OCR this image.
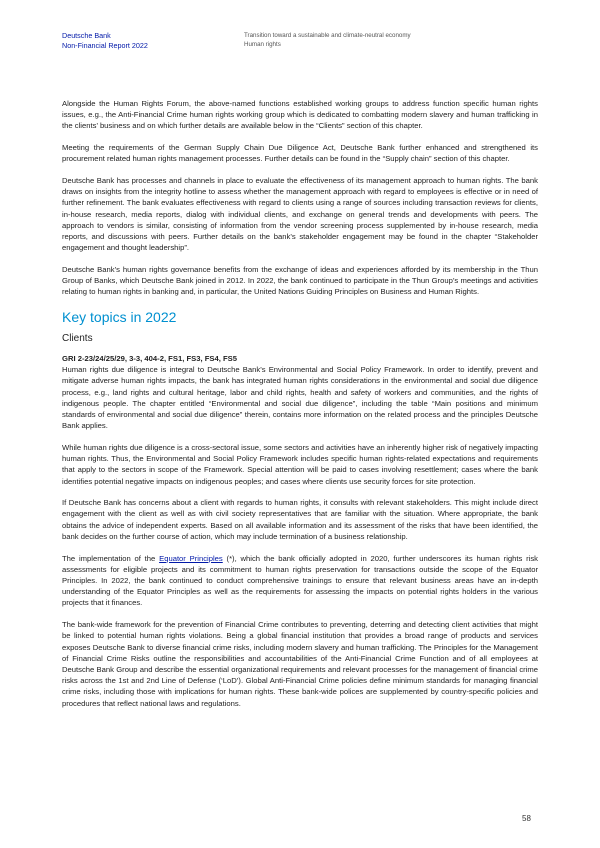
Deutsche Bank
Non-Financial Report 2022
Transition toward a sustainable and climate-neutral economy
Human rights

Alongside the Human Rights Forum, the above-named functions established working groups to address function specific human rights issues, e.g., the Anti-Financial Crime human rights working group which is dedicated to combatting modern slavery and human trafficking in the clients’ business and on which further details are available below in the “Clients” section of this chapter.

Meeting the requirements of the German Supply Chain Due Diligence Act, Deutsche Bank further enhanced and strengthened its procurement related human rights management processes. Further details can be found in the “Supply chain” section of this chapter.

Deutsche Bank has processes and channels in place to evaluate the effectiveness of its management approach to human rights. The bank draws on insights from the integrity hotline to assess whether the management approach with regard to employees is effective or in need of further refinement. The bank evaluates effectiveness with regard to clients using a range of sources including transaction reviews for clients, in-house research, media reports, dialog with individual clients, and exchange on general trends and developments with peers. The approach to vendors is similar, consisting of information from the vendor screening process supplemented by in-house research, media reports, and discussions with peers. Further details on the bank’s stakeholder engagement may be found in the chapter “Stakeholder engagement and thought leadership”.

Deutsche Bank’s human rights governance benefits from the exchange of ideas and experiences afforded by its membership in the Thun Group of Banks, which Deutsche Bank joined in 2012. In 2022, the bank continued to participate in the Thun Group’s meetings and activities relating to human rights in banking and, in particular, the United Nations Guiding Principles on Business and Human Rights.

Key topics in 2022
Clients
GRI 2-23/24/25/29, 3-3, 404-2, FS1, FS3, FS4, FS5

Human rights due diligence is integral to Deutsche Bank’s Environmental and Social Policy Framework. In order to identify, prevent and mitigate adverse human rights impacts, the bank has integrated human rights considerations in the environmental and social due diligence process, e.g., land rights and cultural heritage, labor and child rights, health and safety of workers and communities, and the rights of indigenous people. The chapter entitled “Environmental and social due diligence”, including the table “Main positions and minimum standards of environmental and social due diligence” therein, contains more information on the related process and the principles Deutsche Bank applies.

While human rights due diligence is a cross-sectoral issue, some sectors and activities have an inherently higher risk of negatively impacting human rights. Thus, the Environmental and Social Policy Framework includes specific human rights-related expectations and requirements that apply to the sectors in scope of the Framework. Special attention will be paid to cases involving resettlement; cases where the bank identifies potential negative impacts on indigenous peoples; and cases where clients use security forces for site protection.

If Deutsche Bank has concerns about a client with regards to human rights, it consults with relevant stakeholders. This might include direct engagement with the client as well as with civil society representatives that are familiar with the situation. Where appropriate, the bank obtains the advice of independent experts. Based on all available information and its assessment of the risks that have been identified, the bank decides on the further course of action, which may include termination of a business relationship.

The implementation of the Equator Principles (*), which the bank officially adopted in 2020, further underscores its human rights risk assessments for eligible projects and its commitment to human rights preservation for transactions outside the scope of the Equator Principles. In 2022, the bank continued to conduct comprehensive trainings to ensure that relevant business areas have an in-depth understanding of the Equator Principles as well as the requirements for assessing the impacts on potential rights holders in the various projects that it finances.

The bank-wide framework for the prevention of Financial Crime contributes to preventing, deterring and detecting client activities that might be linked to potential human rights violations. Being a global financial institution that provides a broad range of products and services exposes Deutsche Bank to diverse financial crime risks, including modern slavery and human trafficking. The Principles for the Management of Financial Crime Risks outline the responsibilities and accountabilities of the Anti-Financial Crime Function and of all employees at Deutsche Bank Group and describe the essential organizational requirements and relevant processes for the management of financial crime risks across the 1st and 2nd Line of Defense (‘LoD’). Global Anti-Financial Crime policies define minimum standards for managing financial crime risks, including those with implications for human rights. These bank-wide polices are supplemented by country-specific policies and procedures that reflect national laws and regulations.

58
